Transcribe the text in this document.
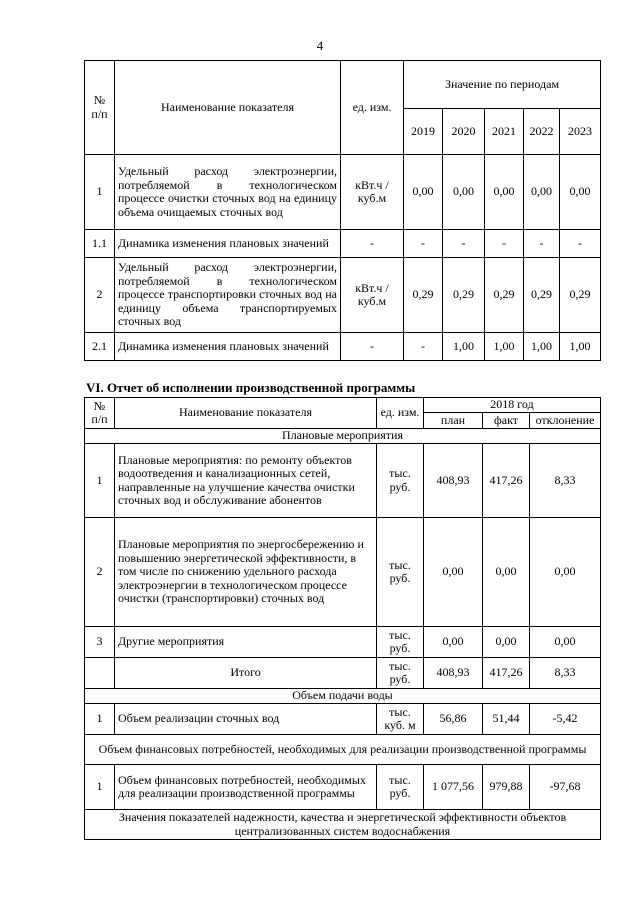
4
№ п/п	Наименование показателя	ед. изм.	Значение по периодам				
			2019	2020	2021	2022	2023
1	Удельный расход электроэнергии, потребляемой в технологическом процессе очистки сточных вод на единицу объема очищаемых сточных вод	кВт.ч / куб.м	0,00	0,00	0,00	0,00	0,00
1.1	Динамика изменения плановых значений	-	-	-	-	-	-
2	Удельный расход электроэнергии, потребляемой в технологическом процессе транспортировки сточных вод на единицу объема транспортируемых сточных вод	кВт.ч / куб.м	0,29	0,29	0,29	0,29	0,29
2.1	Динамика изменения плановых значений	-	-	1,00	1,00	1,00	1,00
VI. Отчет об исполнении производственной программы
№ п/п	Наименование показателя	ед. изм.	2018 год		
			план	факт	отклонение
Плановые мероприятия					
1	Плановые мероприятия: по ремонту объектов водоотведения и канализационных сетей, направленные на улучшение качества очистки сточных вод и обслуживание абонентов	тыс. руб.	408,93	417,26	8,33
2	Плановые мероприятия по энергосбережению и повышению энергетической эффективности, в том числе по снижению удельного расхода электроэнергии в технологическом процессе очистки (транспортировки) сточных вод	тыс. руб.	0,00	0,00	0,00
3	Другие мероприятия	тыс. руб.	0,00	0,00	0,00
	Итого	тыс. руб.	408,93	417,26	8,33
Объем подачи воды					
1	Объем реализации сточных вод	тыс. куб. м	56,86	51,44	-5,42
Объем финансовых потребностей, необходимых для реализации производственной программы					
1	Объем финансовых потребностей, необходимых для реализации производственной программы	тыс. руб.	1 077,56	979,88	-97,68
Значения показателей надежности, качества и энергетической эффективности объектов централизованных систем водоснабжения					
